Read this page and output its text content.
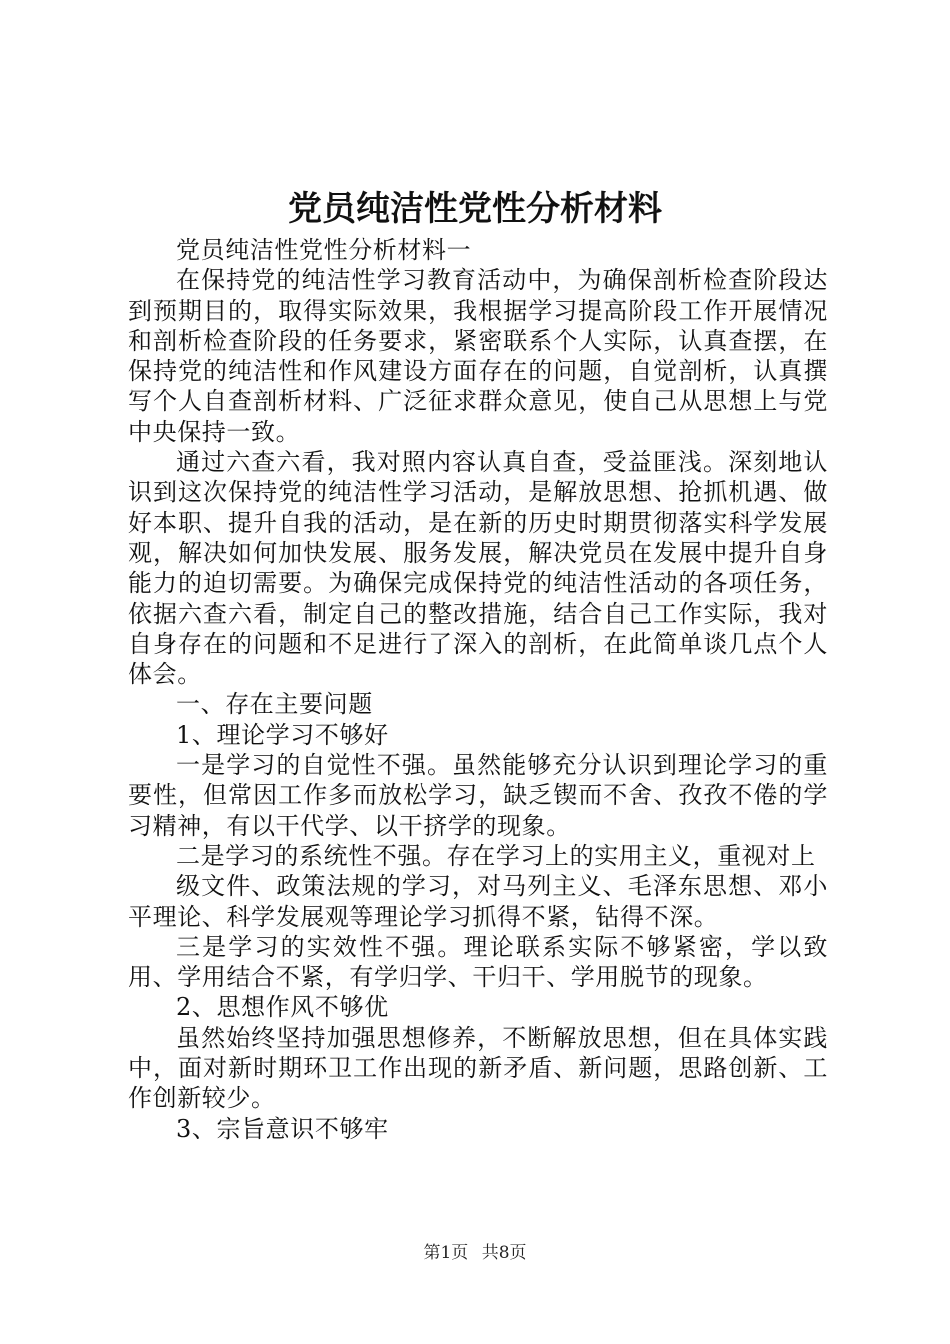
党员纯洁性党性分析材料

党员纯洁性党性分析材料一

在保持党的纯洁性学习教育活动中，为确保剖析检查阶段达到预期目的，取得实际效果，我根据学习提高阶段工作开展情况和剖析检查阶段的任务要求，紧密联系个人实际，认真查摆，在保持党的纯洁性和作风建设方面存在的问题，自觉剖析，认真撰写个人自查剖析材料、广泛征求群众意见，使自己从思想上与党中央保持一致。

通过六查六看，我对照内容认真自查，受益匪浅。深刻地认识到这次保持党的纯洁性学习活动，是解放思想、抢抓机遇、做好本职、提升自我的活动，是在新的历史时期贯彻落实科学发展观，解决如何加快发展、服务发展，解决党员在发展中提升自身能力的迫切需要。为确保完成保持党的纯洁性活动的各项任务，依据六查六看，制定自己的整改措施，结合自己工作实际，我对自身存在的问题和不足进行了深入的剖析，在此简单谈几点个人体会。

一、存在主要问题

1、理论学习不够好

一是学习的自觉性不强。虽然能够充分认识到理论学习的重要性，但常因工作多而放松学习，缺乏锲而不舍、孜孜不倦的学习精神，有以干代学、以干挤学的现象。

二是学习的系统性不强。存在学习上的实用主义，重视对上

级文件、政策法规的学习，对马列主义、毛泽东思想、邓小平理论、科学发展观等理论学习抓得不紧，钻得不深。

三是学习的实效性不强。理论联系实际不够紧密，学以致用、学用结合不紧，有学归学、干归干、学用脱节的现象。

2、思想作风不够优

虽然始终坚持加强思想修养，不断解放思想，但在具体实践中，面对新时期环卫工作出现的新矛盾、新问题，思路创新、工作创新较少。

3、宗旨意识不够牢

第1页 共8页
